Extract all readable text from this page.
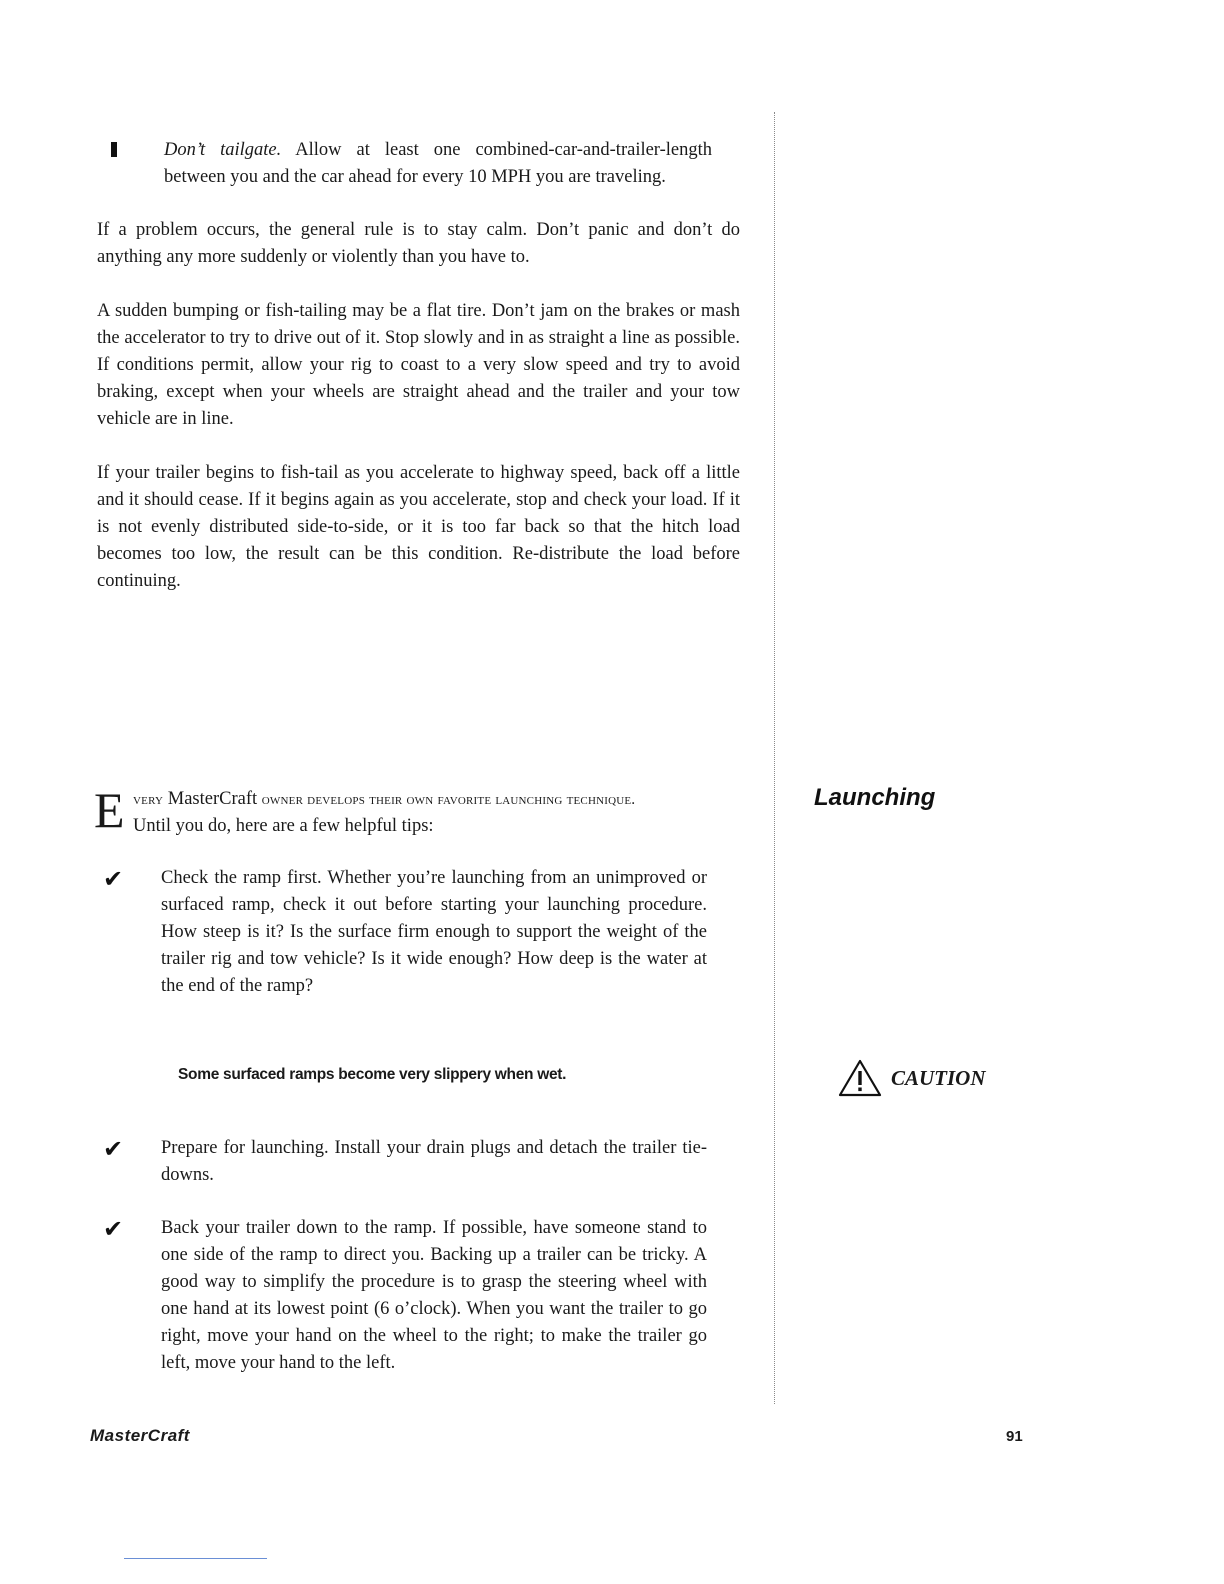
Don’t tailgate. Allow at least one combined-car-and-trailer-length between you and the car ahead for every 10 MPH you are traveling.

If a problem occurs, the general rule is to stay calm. Don’t panic and don’t do anything any more suddenly or violently than you have to.

A sudden bumping or fish-tailing may be a flat tire. Don’t jam on the brakes or mash the accelerator to try to drive out of it. Stop slowly and in as straight a line as possible. If conditions permit, allow your rig to coast to a very slow speed and try to avoid braking, except when your wheels are straight ahead and the trailer and your tow vehicle are in line.

If your trailer begins to fish-tail as you accelerate to highway speed, back off a little and it should cease. If it begins again as you accelerate, stop and check your load. If it is not evenly distributed side-to-side, or it is too far back so that the hitch load becomes too low, the result can be this condition. Re-distribute the load before continuing.

E very MasterCraft owner develops their own favorite launching technique.

Until you do, here are a few helpful tips:

✔ Check the ramp first. Whether you’re launching from an unimproved or surfaced ramp, check it out before starting your launching procedure. How steep is it? Is the surface firm enough to support the weight of the trailer rig and tow vehicle? Is it wide enough? How deep is the water at the end of the ramp?

Some surfaced ramps become very slippery when wet.
✔ Prepare for launching. Install your drain plugs and detach the trailer tie-downs.

✔ Back your trailer down to the ramp. If possible, have someone stand to one side of the ramp to direct you. Backing up a trailer can be tricky. A good way to simplify the procedure is to grasp the steering wheel with one hand at its lowest point (6 o’clock). When you want the trailer to go right, move your hand on the wheel to the right; to make the trailer go left, move your hand to the left.

Launching
CAUTION
MasterCraft	91
